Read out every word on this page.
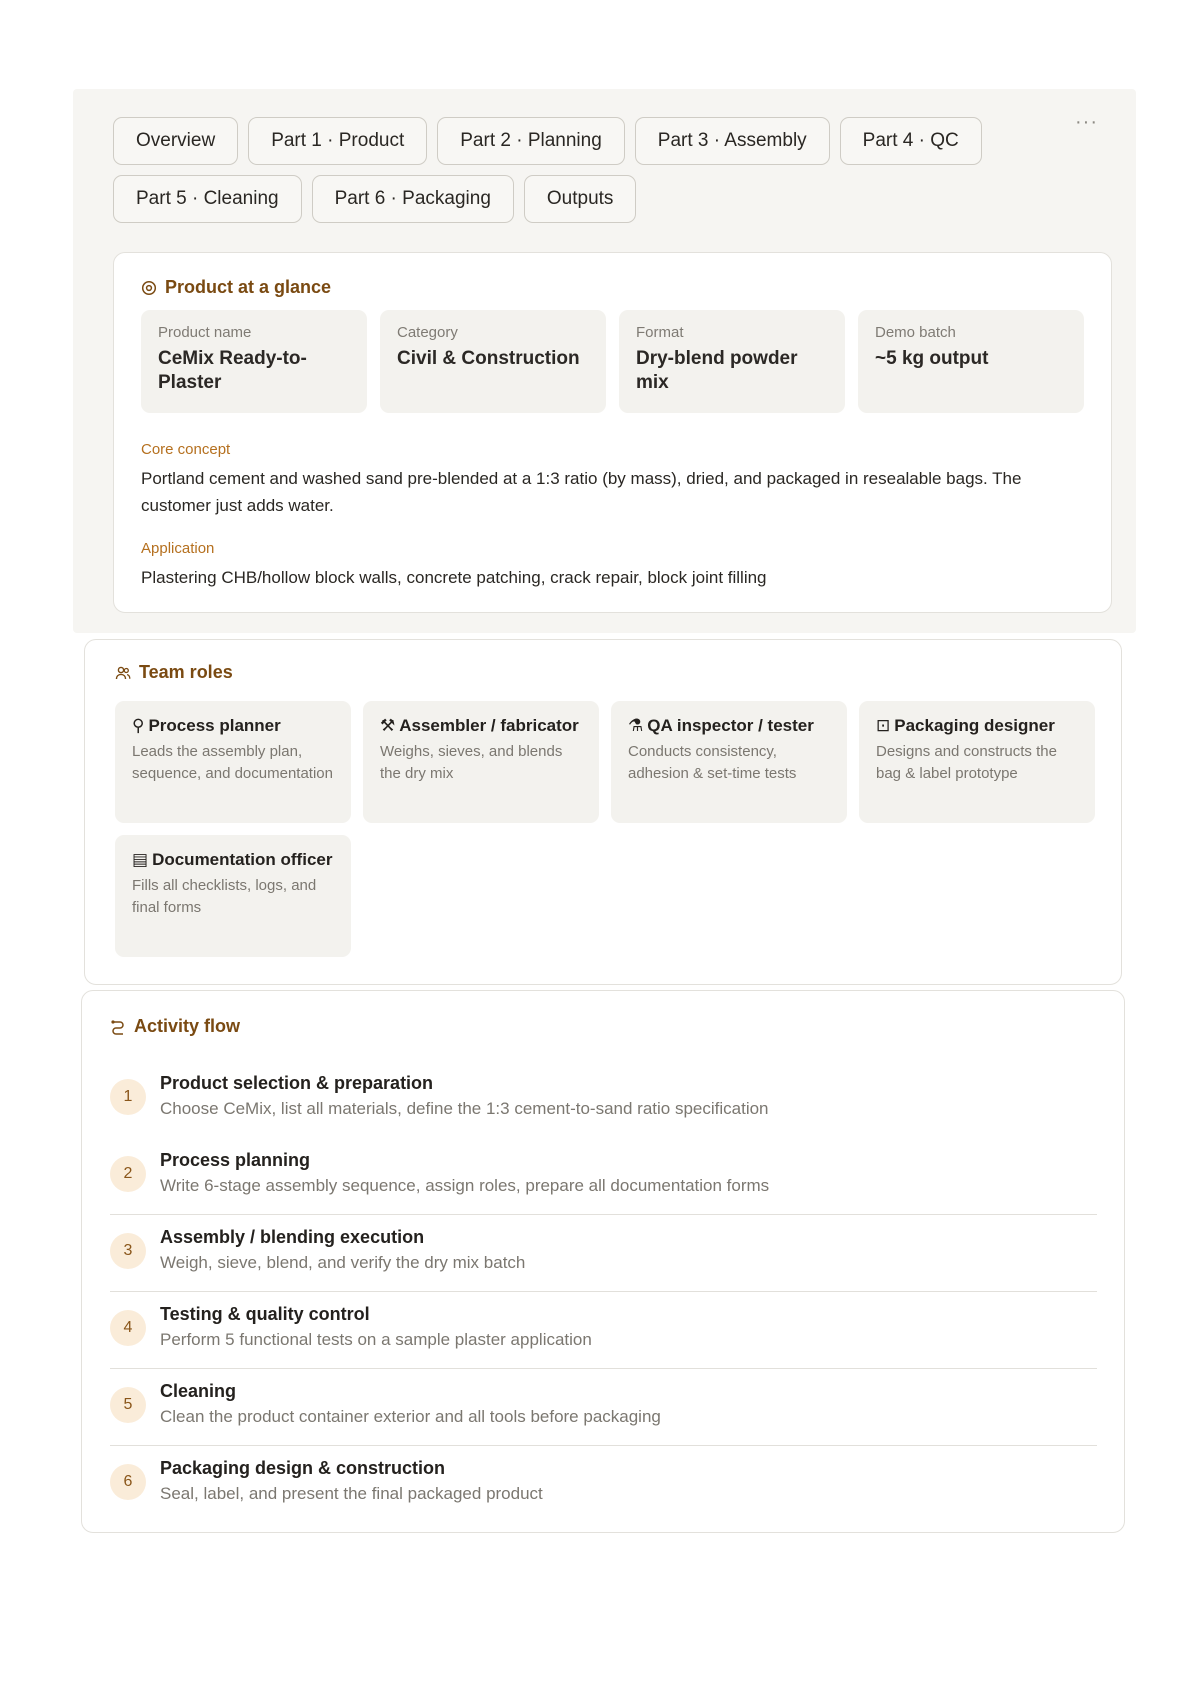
Overview	Part 1 · Product	Part 2 · Planning	Part 3 · Assembly	Part 4 · QC
Part 5 · Cleaning	Part 6 · Packaging	Outputs
···
Product at a glance
Product name
CeMix Ready-to-Plaster
Category
Civil & Construction
Format
Dry-blend powder mix
Demo batch
~5 kg output
Core concept
Portland cement and washed sand pre-blended at a 1:3 ratio (by mass), dried, and packaged in resealable bags. The customer just adds water.
Application
Plastering CHB/hollow block walls, concrete patching, crack repair, block joint filling
Team roles
⚲ Process planner
Leads the assembly plan, sequence, and documentation
⚒ Assembler / fabricator
Weighs, sieves, and blends the dry mix
⚗ QA inspector / tester
Conducts consistency, adhesion & set-time tests
⊡ Packaging designer
Designs and constructs the bag & label prototype
▤ Documentation officer
Fills all checklists, logs, and final forms
Activity flow
1
Product selection & preparation
Choose CeMix, list all materials, define the 1:3 cement-to-sand ratio specification
2
Process planning
Write 6-stage assembly sequence, assign roles, prepare all documentation forms
3
Assembly / blending execution
Weigh, sieve, blend, and verify the dry mix batch
4
Testing & quality control
Perform 5 functional tests on a sample plaster application
5
Cleaning
Clean the product container exterior and all tools before packaging
6
Packaging design & construction
Seal, label, and present the final packaged product
